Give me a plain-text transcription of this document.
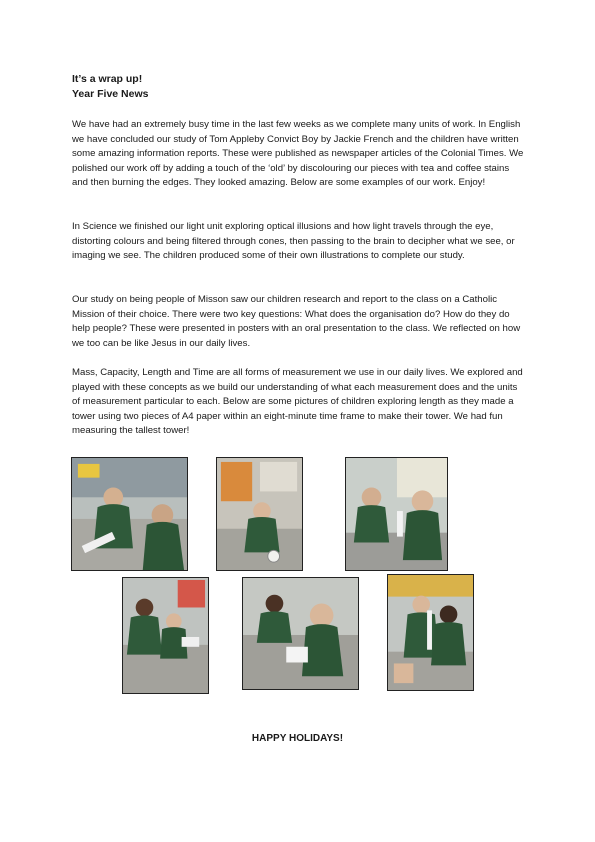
It’s a wrap up!
Year Five News

We have had an extremely busy time in the last few weeks as we complete many units of work. In English we have concluded our study of Tom Appleby Convict Boy by Jackie French and the children have written some amazing information reports. These were published as newspaper articles of the Colonial Times. We polished our work off by adding a touch of the ‘old’ by discolouring our pieces with tea and coffee stains and then burning the edges. They looked amazing. Below are some examples of our work. Enjoy!

In Science we finished our light unit exploring optical illusions and how light travels through the eye, distorting colours and being filtered through cones, then passing to the brain to decipher what we see, or imaging we see. The children produced some of their own illustrations to complete our study.

Our study on being people of Misson saw our children research and report to the class on a Catholic Mission of their choice. There were two key questions: What does the organisation do? How do they do help people? These were presented in posters with an oral presentation to the class. We reflected on how we too can be like Jesus in our daily lives.

Mass, Capacity, Length and Time are all forms of measurement we use in our daily lives. We explored and played with these concepts as we build our understanding of what each measurement does and the units of measurement particular to each. Below are some pictures of children exploring length as they made a tower using two pieces of A4 paper within an eight-minute time frame to make their tower. We had fun measuring the tallest tower!

HAPPY HOLIDAYS!
